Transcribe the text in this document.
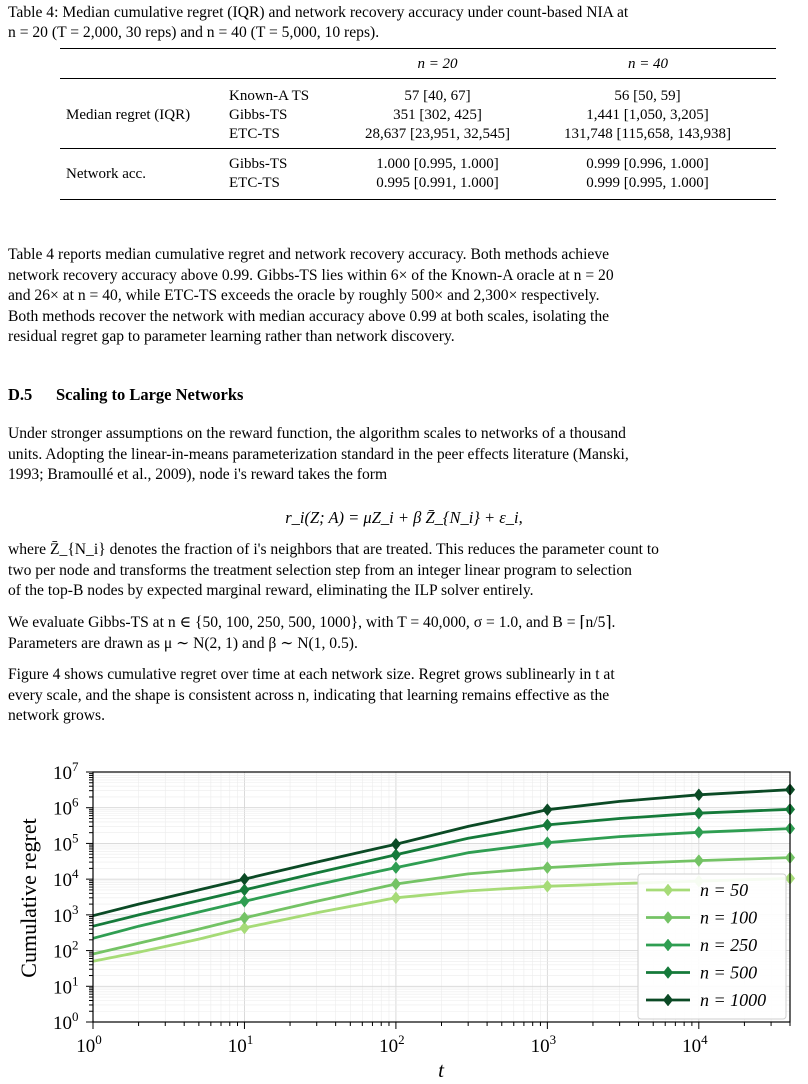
Table 4: Median cumulative regret (IQR) and network recovery accuracy under count-based NIA at
n = 20 (T = 2,000, 30 reps) and n = 40 (T = 5,000, 10 reps).
n = 20	n = 40
Median regret (IQR)
Known-A TS	57 [40, 67]	56 [50, 59]
Gibbs-TS	351 [302, 425]	1,441 [1,050, 3,205]
ETC-TS	28,637 [23,951, 32,545]	131,748 [115,658, 143,938]
Network acc.
Gibbs-TS	1.000 [0.995, 1.000]	0.999 [0.996, 1.000]
ETC-TS	0.995 [0.991, 1.000]	0.999 [0.995, 1.000]
Table 4 reports median cumulative regret and network recovery accuracy. Both methods achieve
network recovery accuracy above 0.99. Gibbs-TS lies within 6× of the Known-A oracle at n = 20
and 26× at n = 40, while ETC-TS exceeds the oracle by roughly 500× and 2,300× respectively.
Both methods recover the network with median accuracy above 0.99 at both scales, isolating the
residual regret gap to parameter learning rather than network discovery.
D.5 Scaling to Large Networks
Under stronger assumptions on the reward function, the algorithm scales to networks of a thousand
units. Adopting the linear-in-means parameterization standard in the peer effects literature (Manski,
1993; Bramoullé et al., 2009), node i's reward takes the form
r_i(Z; A) = μZ_i + β Z̄_{N_i} + ε_i,
where Z̄_{N_i} denotes the fraction of i's neighbors that are treated. This reduces the parameter count to
two per node and transforms the treatment selection step from an integer linear program to selection
of the top-B nodes by expected marginal reward, eliminating the ILP solver entirely.
We evaluate Gibbs-TS at n ∈ {50, 100, 250, 500, 1000}, with T = 40,000, σ = 1.0, and B = ⌈n/5⌉.
Parameters are drawn as μ ∼ N(2, 1) and β ∼ N(1, 0.5).
Figure 4 shows cumulative regret over time at each network size. Regret grows sublinearly in t at
every scale, and the shape is consistent across n, indicating that learning remains effective as the
network grows.
$10^0$	$10^1$	$10^2$	$10^3$	$10^4$
$10^0$
$10^1$
$10^2$
$10^3$
$10^4$
$10^5$
$10^6$
$10^7$
t
Cumulative regret	n = 50
n = 100
n = 250
n = 500
n = 1000
